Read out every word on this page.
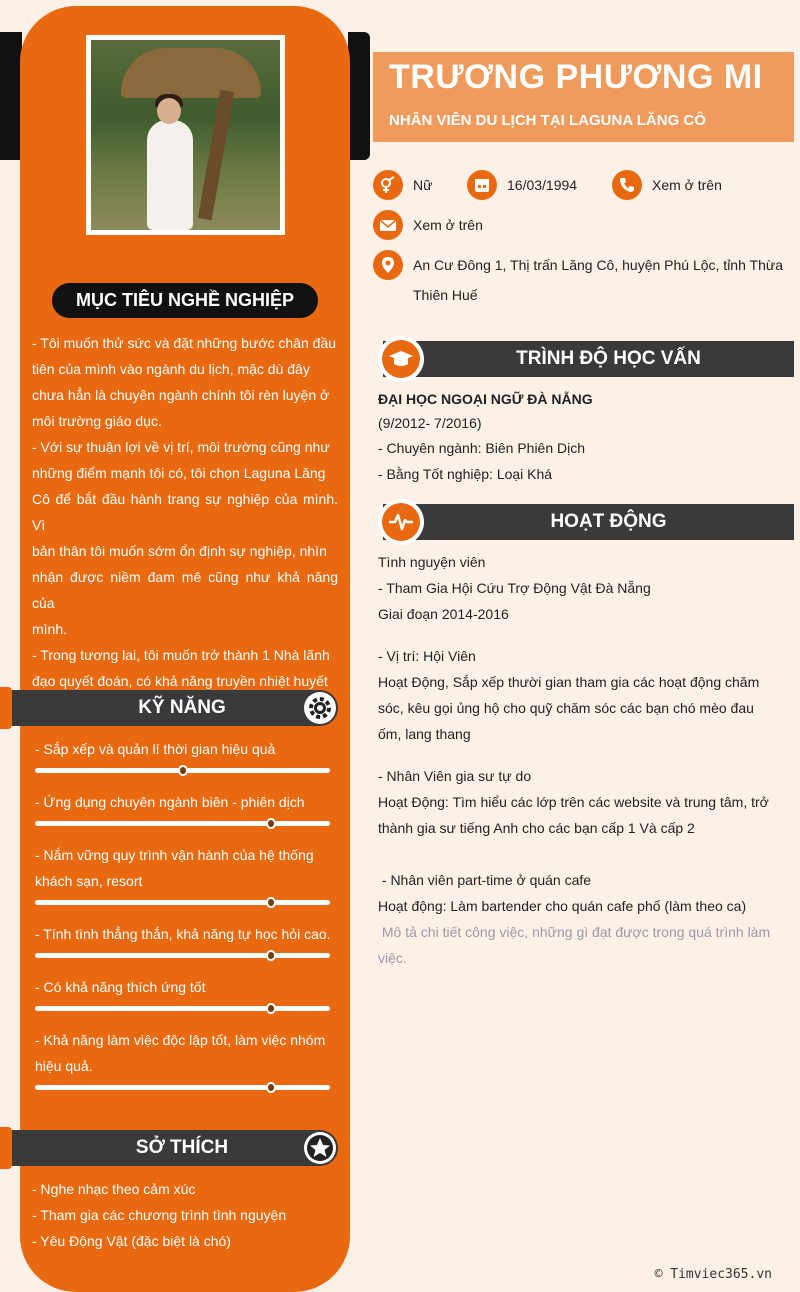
MỤC TIÊU NGHỀ NGHIỆP
- Tôi muốn thử sức và đặt những bước chân đầu
tiên của mình vào ngành du lịch, mặc dù đây
chưa hẳn là chuyên ngành chính tôi rèn luyện ở
môi trường giáo dục.
- Với sự thuận lợi về vị trí, môi trường cũng như
những điểm mạnh tôi có, tôi chọn Laguna Lăng
Cô để bắt đầu hành trang sự nghiệp của mình. Vì
bản thân tôi muốn sớm ổn định sự nghiệp, nhìn
nhận được niềm đam mê cũng như khả năng của
mình.
- Trong tương lai, tôi muốn trở thành 1 Nhà lãnh
đạo quyết đoán, có khả năng truyền nhiệt huyết
KỸ NĂNG
- Sắp xếp và quản lí thời gian hiệu quả
- Ứng dụng chuyên ngành biên - phiên dịch
- Nắm vững quy trình vận hành của hệ thống
khách sạn, resort
- Tính tình thẳng thắn, khả năng tự học hỏi cao.
- Có khả năng thích ứng tốt
- Khả năng làm việc độc lập tốt, làm việc nhóm
hiệu quả.
SỞ THÍCH
- Nghe nhạc theo cảm xúc
- Tham gia các chương trình tình nguyện
- Yêu Động Vật (đặc biệt là chó)
TRƯƠNG PHƯƠNG MI
NHÂN VIÊN DU LỊCH TẠI LAGUNA LĂNG CÔ
Nữ	16/03/1994	Xem ở trên
Xem ở trên
An Cư Đông 1, Thị trấn Lăng Cô, huyện Phú Lộc, tỉnh Thừa
Thiên Huế
TRÌNH ĐỘ HỌC VẤN
ĐẠI HỌC NGOẠI NGỮ ĐÀ NẴNG
(9/2012- 7/2016)
- Chuyên ngành: Biên Phiên Dịch
- Bằng Tốt nghiệp: Loại Khá
HOẠT ĐỘNG
Tình nguyện viên
- Tham Gia Hội Cứu Trợ Động Vật Đà Nẵng
Giai đoạn 2014-2016
- Vị trí: Hội Viên
Hoạt Động, Sắp xếp thười gian tham gia các hoạt động chăm
sóc, kêu gọi ủng hộ cho quỹ chăm sóc các bạn chó mèo đau
ốm, lang thang
- Nhân Viên gia sư tự do
Hoạt Động: Tìm hiểu các lớp trên các website và trung tâm, trở
thành gia sư tiếng Anh cho các bạn cấp 1 Và cấp 2
- Nhân viên part-time ở quán cafe
Hoạt động: Làm bartender cho quán cafe phố (làm theo ca)
Mô tả chi tiết công việc, những gì đạt được trong quá trình làm
việc.
© Timviec365.vn
